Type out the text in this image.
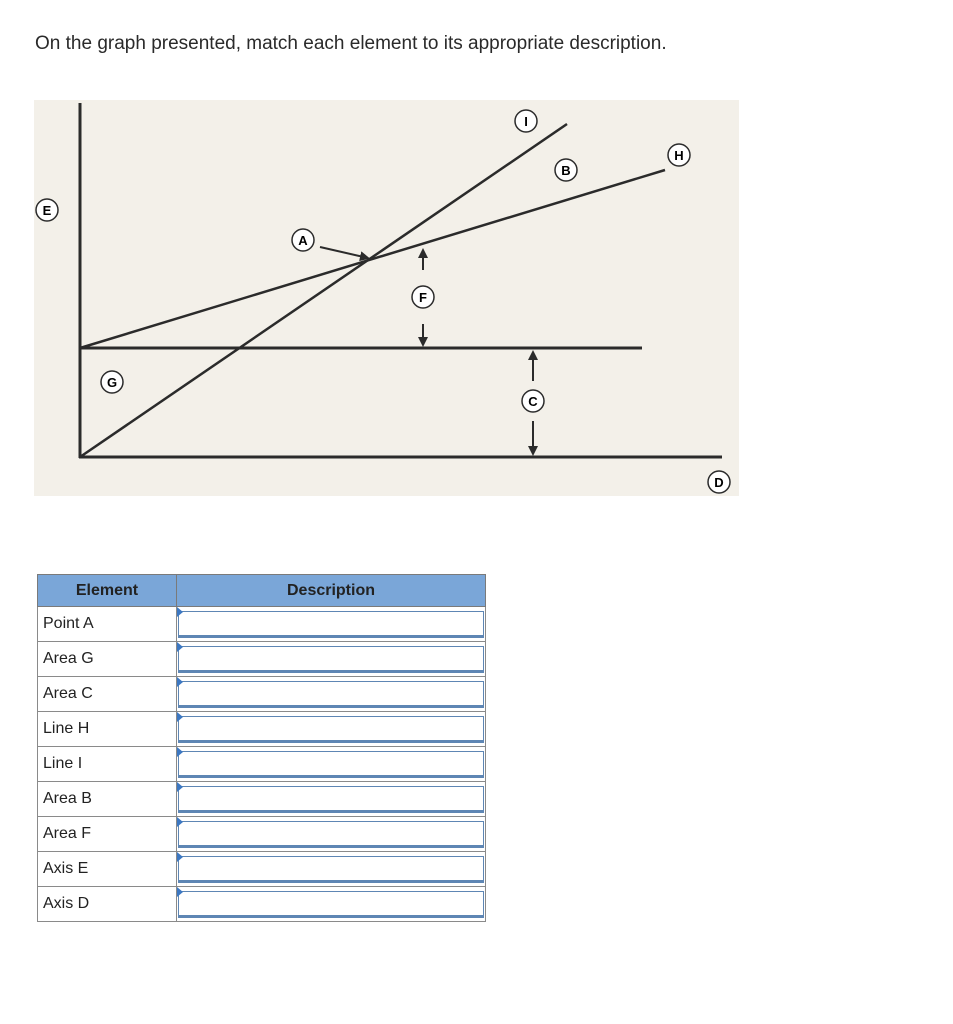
On the graph presented, match each element to its appropriate description.
E
A
I
B
H
F
G
C
D
Element	Description
Point A	

Area G	

Area C	

Line H	

Line I	

Area B	

Area F	

Axis E	

Axis D	
